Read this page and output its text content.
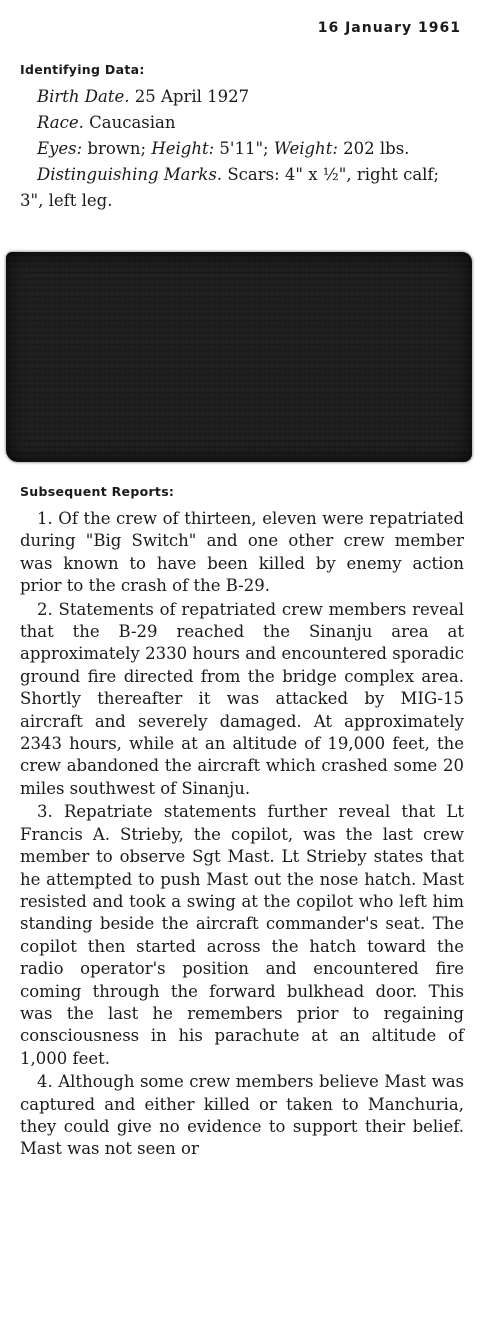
16 January 1961
Identifying Data:

Birth Date. 25 April 1927

Race. Caucasian

Eyes: brown; Height: 5'11"; Weight: 202 lbs.

Distinguishing Marks. Scars: 4" x ½", right calf; 3", left leg.

Subsequent Reports:

1. Of the crew of thirteen, eleven were repatriated during "Big Switch" and one other crew member was known to have been killed by enemy action prior to the crash of the B-29.

2. Statements of repatriated crew members reveal that the B-29 reached the Sinanju area at approximately 2330 hours and encountered sporadic ground fire directed from the bridge complex area. Shortly thereafter it was attacked by MIG-15 aircraft and severely damaged. At approximately 2343 hours, while at an altitude of 19,000 feet, the crew abandoned the aircraft which crashed some 20 miles southwest of Sinanju.

3. Repatriate statements further reveal that Lt Francis A. Strieby, the copilot, was the last crew member to observe Sgt Mast. Lt Strieby states that he attempted to push Mast out the nose hatch. Mast resisted and took a swing at the copilot who left him standing beside the aircraft commander's seat. The copilot then started across the hatch toward the radio operator's position and encountered fire coming through the forward bulkhead door. This was the last he remembers prior to regaining consciousness in his parachute at an altitude of 1,000 feet.

4. Although some crew members believe Mast was captured and either killed or taken to Manchuria, they could give no evidence to support their belief. Mast was not seen or
